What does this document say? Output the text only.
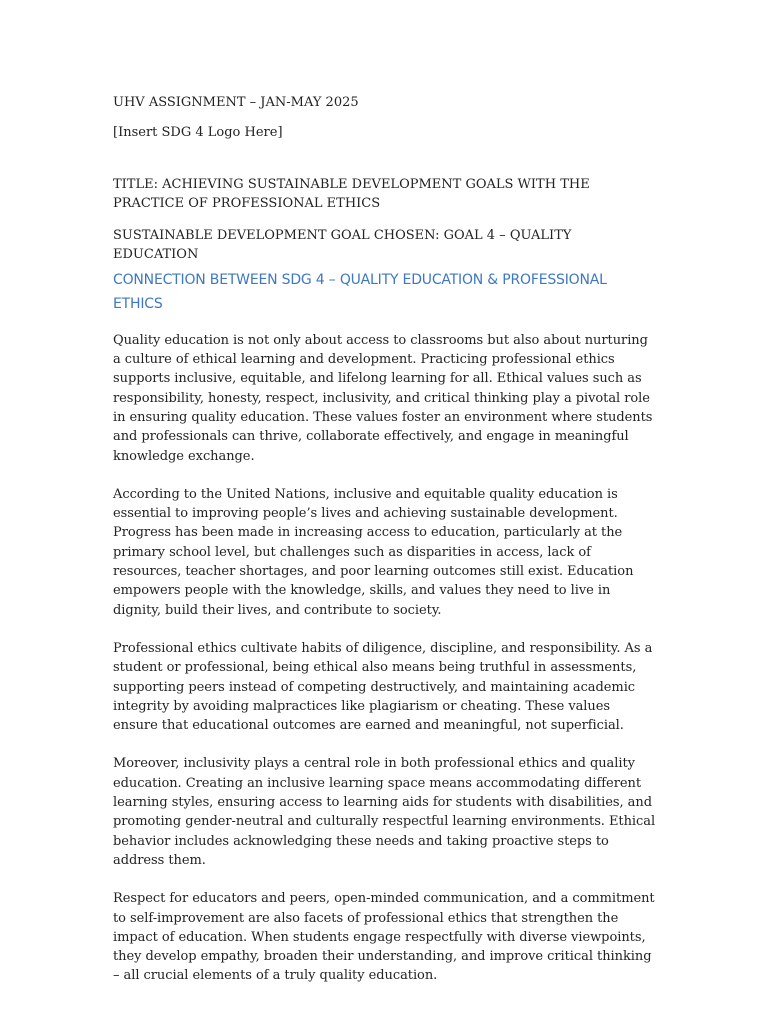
UHV ASSIGNMENT – JAN-MAY 2025

[Insert SDG 4 Logo Here]

TITLE: ACHIEVING SUSTAINABLE DEVELOPMENT GOALS WITH THE PRACTICE OF PROFESSIONAL ETHICS

SUSTAINABLE DEVELOPMENT GOAL CHOSEN: GOAL 4 – QUALITY EDUCATION

CONNECTION BETWEEN SDG 4 – QUALITY EDUCATION & PROFESSIONAL ETHICS

Quality education is not only about access to classrooms but also about nurturing a culture of ethical learning and development. Practicing professional ethics supports inclusive, equitable, and lifelong learning for all. Ethical values such as responsibility, honesty, respect, inclusivity, and critical thinking play a pivotal role in ensuring quality education. These values foster an environment where students and professionals can thrive, collaborate effectively, and engage in meaningful knowledge exchange.

According to the United Nations, inclusive and equitable quality education is essential to improving people’s lives and achieving sustainable development. Progress has been made in increasing access to education, particularly at the primary school level, but challenges such as disparities in access, lack of resources, teacher shortages, and poor learning outcomes still exist. Education empowers people with the knowledge, skills, and values they need to live in dignity, build their lives, and contribute to society.

Professional ethics cultivate habits of diligence, discipline, and responsibility. As a student or professional, being ethical also means being truthful in assessments, supporting peers instead of competing destructively, and maintaining academic integrity by avoiding malpractices like plagiarism or cheating. These values ensure that educational outcomes are earned and meaningful, not superficial.

Moreover, inclusivity plays a central role in both professional ethics and quality education. Creating an inclusive learning space means accommodating different learning styles, ensuring access to learning aids for students with disabilities, and promoting gender-neutral and culturally respectful learning environments. Ethical behavior includes acknowledging these needs and taking proactive steps to address them.

Respect for educators and peers, open-minded communication, and a commitment to self-improvement are also facets of professional ethics that strengthen the impact of education. When students engage respectfully with diverse viewpoints, they develop empathy, broaden their understanding, and improve critical thinking – all crucial elements of a truly quality education.
